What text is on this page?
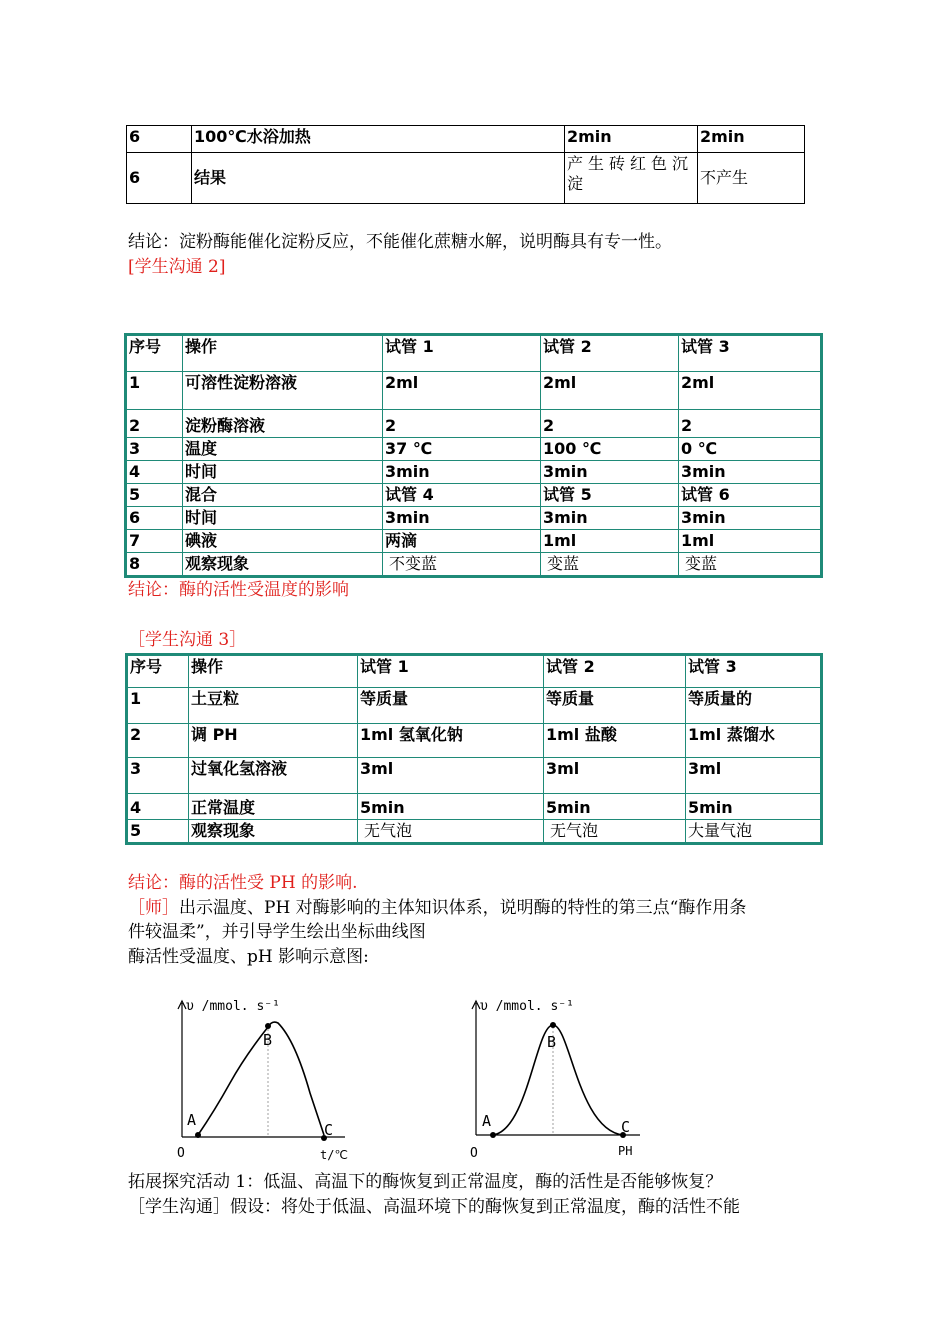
6	100℃水浴加热	2min	2min
6	结果	产生砖红色沉淀	不产生
结论：淀粉酶能催化淀粉反应，不能催化蔗糖水解，说明酶具有专一性。
[学生沟通 2]
序号	操作	试管 1	试管 2	试管 3
1	可溶性淀粉溶液	2ml	2ml	2ml
2	淀粉酶溶液	2	2	2
3	温度	37 ℃	100 ℃	0 ℃
4	时间	3min	3min	3min
5	混合	试管 4	试管 5	试管 6
6	时间	3min	3min	3min
7	碘液	两滴	1ml	1ml
8	观察现象	不变蓝	变蓝	变蓝
结论：酶的活性受温度的影响
［学生沟通 3］
序号	操作	试管 1	试管 2	试管 3
1	土豆粒	等质量	等质量	等质量的
2	调 PH	1ml 氢氧化钠	1ml 盐酸	1ml 蒸馏水
3	过氧化氢溶液	3ml	3ml	3ml
4	正常温度	5min	5min	5min
5	观察现象	无气泡	无气泡	大量气泡
结论：酶的活性受 PH 的影响.
［师］出示温度、PH 对酶影响的主体知识体系，说明酶的特性的第三点“酶作用条
件较温柔”，并引导学生绘出坐标曲线图
酶活性受温度、pH 影响示意图:
υ /mmol. s⁻¹
A
B
C
O	t/℃
υ /mmol. s⁻¹
A
B
C
O	PH
拓展探究活动 1：低温、高温下的酶恢复到正常温度，酶的活性是否能够恢复？
［学生沟通］假设：将处于低温、高温环境下的酶恢复到正常温度，酶的活性不能
